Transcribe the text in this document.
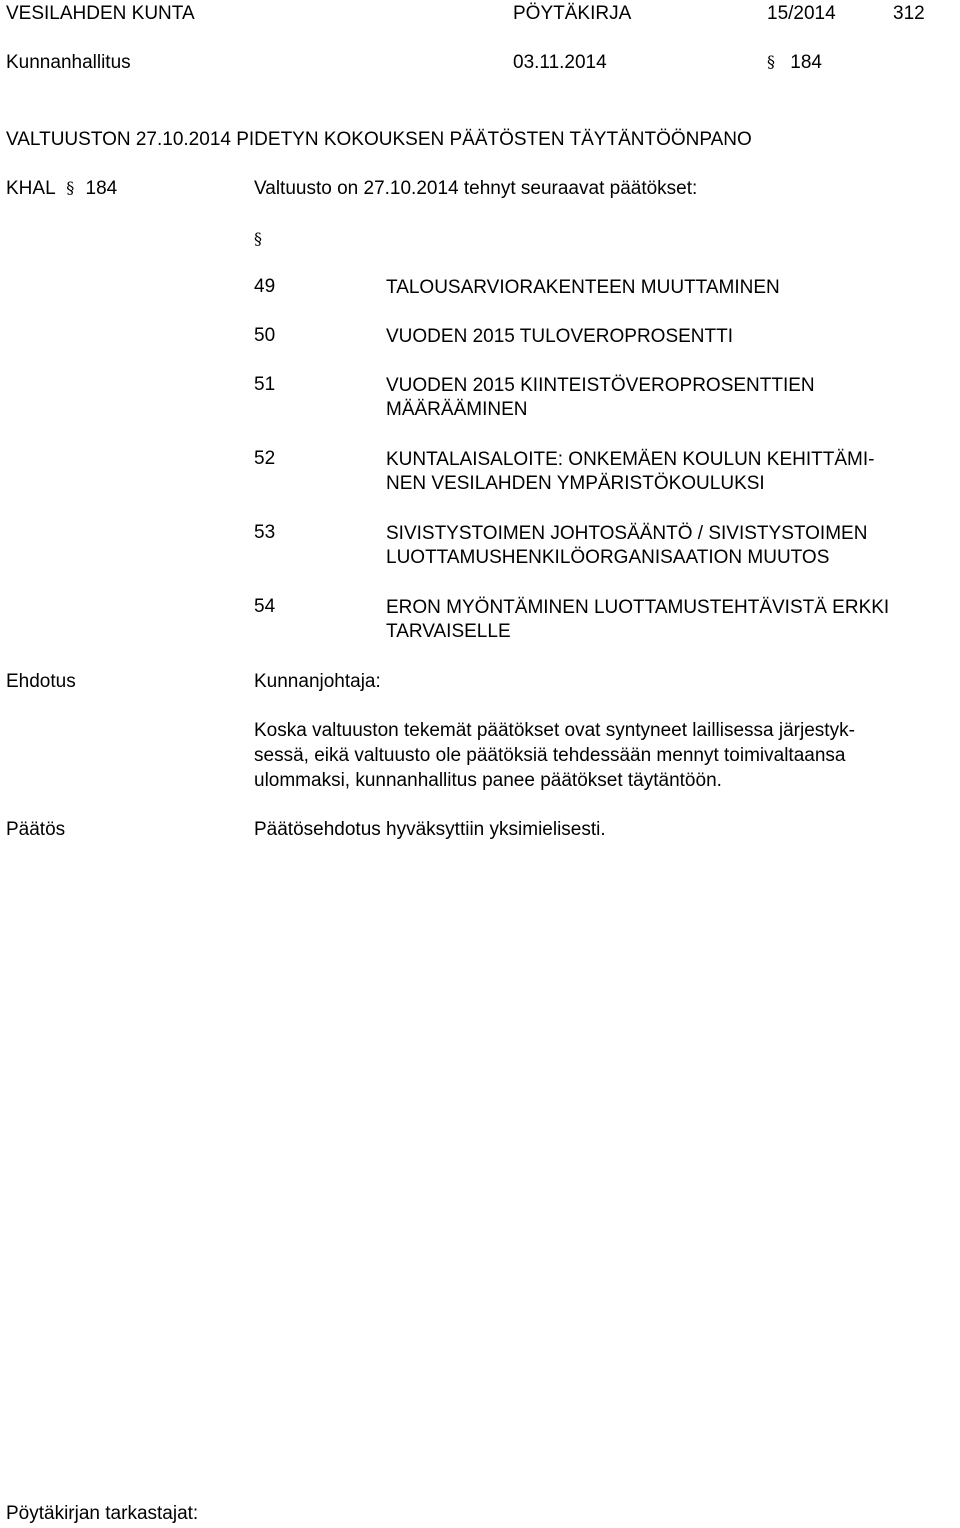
VESILAHDEN KUNTA	PÖYTÄKIRJA	15/2014	312
Kunnanhallitus	03.11.2014	§ 184
VALTUUSTON 27.10.2014 PIDETYN KOKOUKSEN PÄÄTÖSTEN TÄYTÄNTÖÖNPANO
KHAL § 184	Valtuusto on 27.10.2014 tehnyt seuraavat päätökset:
§
49	TALOUSARVIORAKENTEEN MUUTTAMINEN
50	VUODEN 2015 TULOVEROPROSENTTI
51	VUODEN 2015 KIINTEISTÖVEROPROSENTTIEN
MÄÄRÄÄMINEN
52	KUNTALAISALOITE: ONKEMÄEN KOULUN KEHITTÄMI-
NEN VESILAHDEN YMPÄRISTÖKOULUKSI
53	SIVISTYSTOIMEN JOHTOSÄÄNTÖ / SIVISTYSTOIMEN
LUOTTAMUSHENKILÖORGANISAATION MUUTOS
54	ERON MYÖNTÄMINEN LUOTTAMUSTEHTÄVISTÄ ERKKI
TARVAISELLE
Ehdotus	Kunnanjohtaja:
Koska valtuuston tekemät päätökset ovat syntyneet laillisessa järjestyk-
sessä, eikä valtuusto ole päätöksiä tehdessään mennyt toimivaltaansa
ulommaksi, kunnanhallitus panee päätökset täytäntöön.
Päätös	Päätösehdotus hyväksyttiin yksimielisesti.
Pöytäkirjan tarkastajat:
